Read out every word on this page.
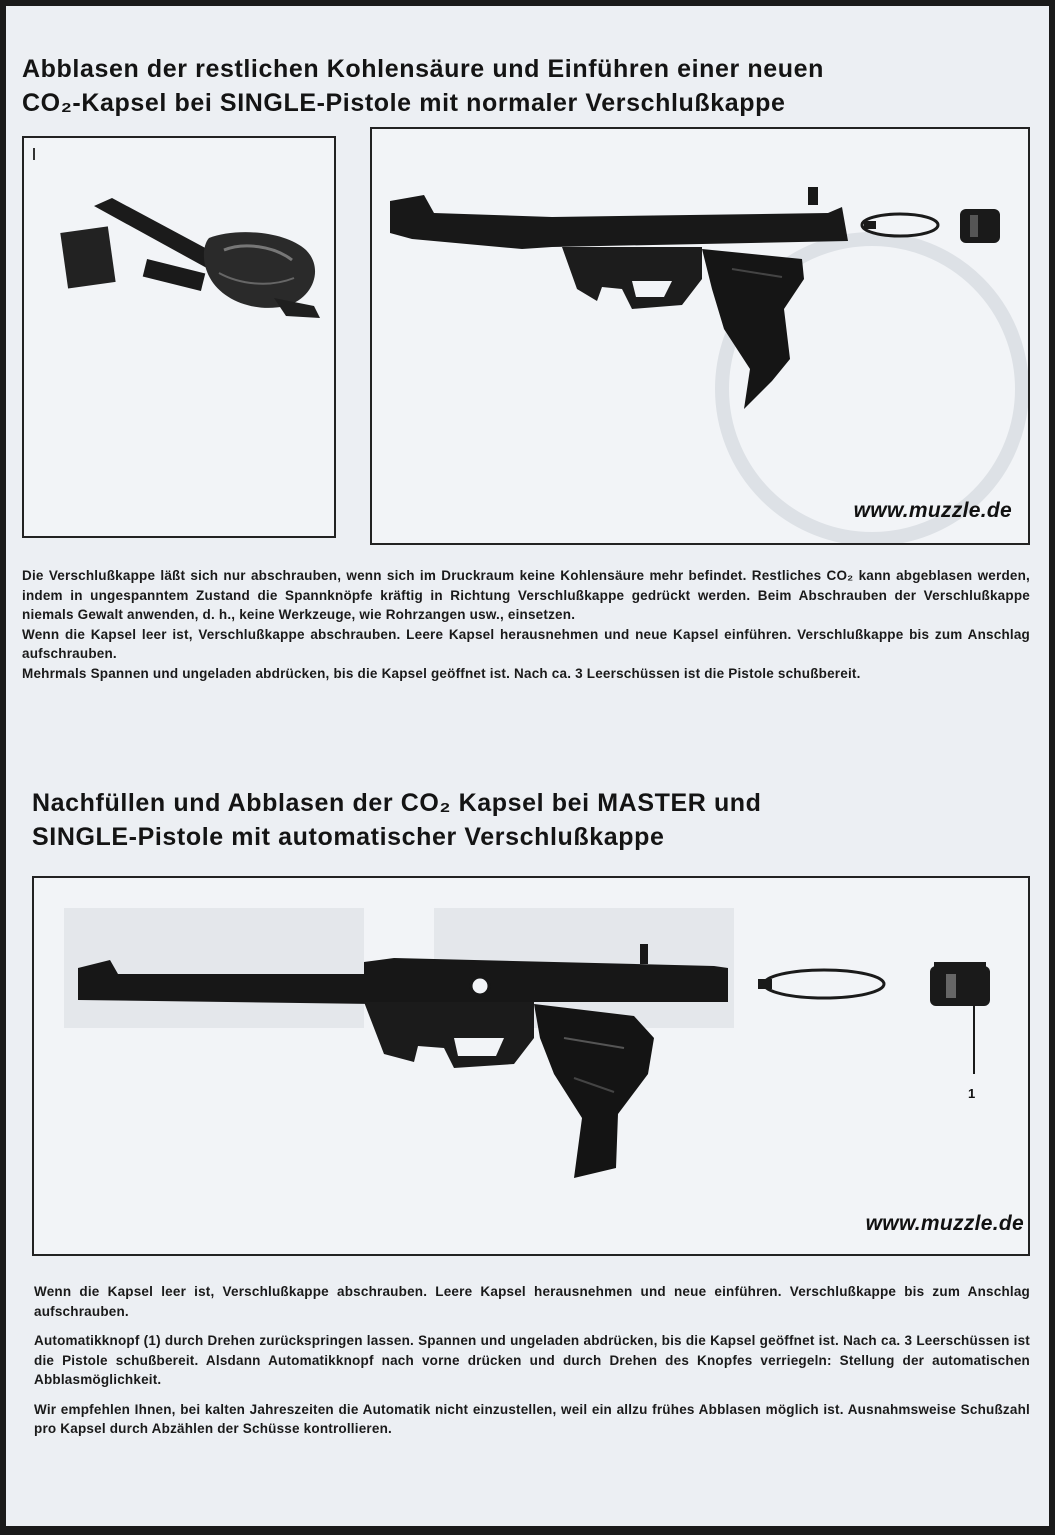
Abblasen der restlichen Kohlensäure und Einführen einer neuen
CO₂-Kapsel bei SINGLE-Pistole mit normaler Verschlußkappe
www.muzzle.de

Die Verschlußkappe läßt sich nur abschrauben, wenn sich im Druckraum keine Kohlensäure mehr befindet. Restliches CO₂ kann abgeblasen werden, indem in ungespanntem Zustand die Spannknöpfe kräftig in Richtung Verschlußkappe gedrückt werden. Beim Abschrauben der Verschlußkappe niemals Gewalt anwenden, d. h., keine Werkzeuge, wie Rohrzangen usw., einsetzen.

Wenn die Kapsel leer ist, Verschlußkappe abschrauben. Leere Kapsel herausnehmen und neue Kapsel einführen. Verschlußkappe bis zum Anschlag aufschrauben.

Mehrmals Spannen und ungeladen abdrücken, bis die Kapsel geöffnet ist. Nach ca. 3 Leerschüssen ist die Pistole schußbereit.

Nachfüllen und Abblasen der CO₂ Kapsel bei MASTER und
SINGLE-Pistole mit automatischer Verschlußkappe
1
www.muzzle.de

Wenn die Kapsel leer ist, Verschlußkappe abschrauben. Leere Kapsel herausnehmen und neue einführen. Verschlußkappe bis zum Anschlag aufschrauben.

Automatikknopf (1) durch Drehen zurückspringen lassen. Spannen und ungeladen abdrücken, bis die Kapsel geöffnet ist. Nach ca. 3 Leerschüssen ist die Pistole schußbereit. Alsdann Automatikknopf nach vorne drücken und durch Drehen des Knopfes verriegeln: Stellung der automatischen Abblasmöglichkeit.

Wir empfehlen Ihnen, bei kalten Jahreszeiten die Automatik nicht einzustellen, weil ein allzu frühes Abblasen möglich ist. Ausnahmsweise Schußzahl pro Kapsel durch Abzählen der Schüsse kontrollieren.
